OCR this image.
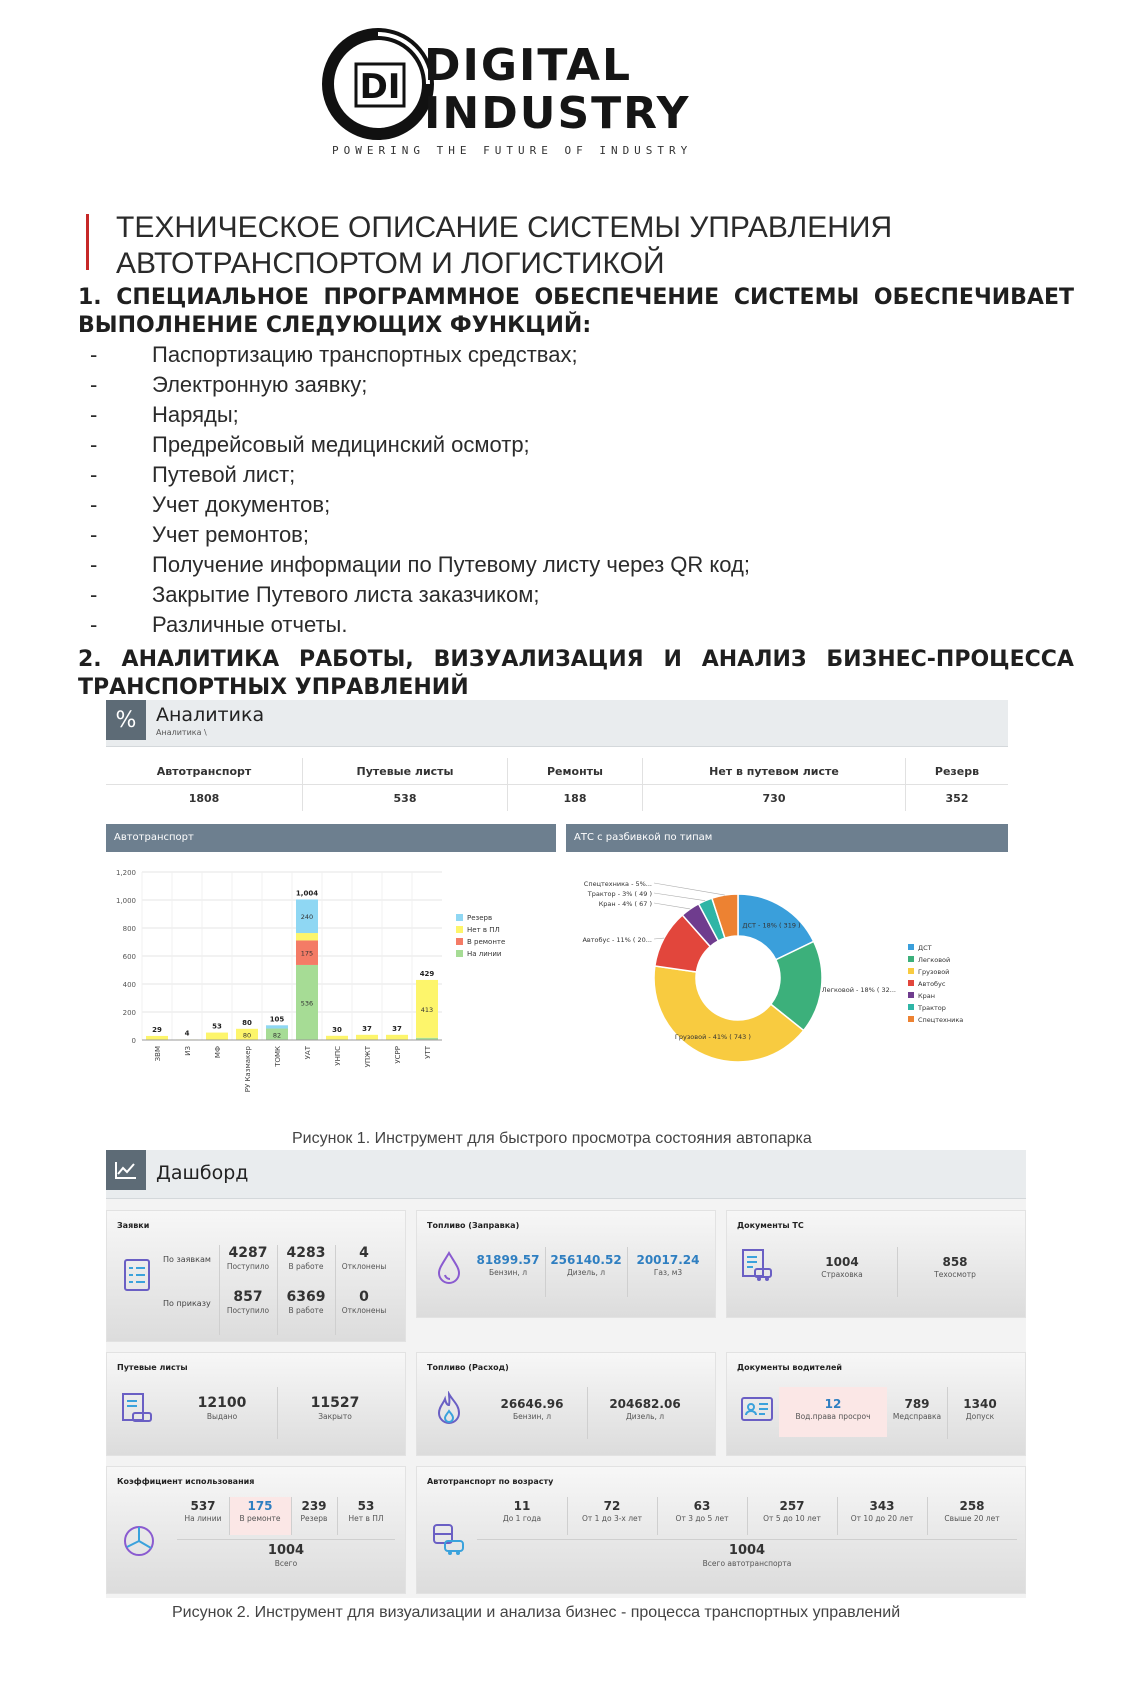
DI DIGITAL
INDUSTRY
POWERING THE FUTURE OF INDUSTRY
ТЕХНИЧЕСКОЕ ОПИСАНИЕ СИСТЕМЫ УПРАВЛЕНИЯ
АВТОТРАНСПОРТОМ И ЛОГИСТИКОЙ
1. СПЕЦИАЛЬНОЕ ПРОГРАММНОЕ ОБЕСПЕЧЕНИЕ СИСТЕМЫ ОБЕСПЕЧИВАЕТ
ВЫПОЛНЕНИЕ СЛЕДУЮЩИХ ФУНКЦИЙ:
-	Паспортизацию транспортных средствах;
-	Электронную заявку;
-	Наряды;
-	Предрейсовый медицинский осмотр;
-	Путевой лист;
-	Учет документов;
-	Учет ремонтов;
-	Получение информации по Путевому листу через QR код;
-	Закрытие Путевого листа заказчиком;
-	Различные отчеты.
2. АНАЛИТИКА РАБОТЫ, ВИЗУАЛИЗАЦИЯ И АНАЛИЗ БИЗНЕС-ПРОЦЕССА
ТРАНСПОРТНЫХ УПРАВЛЕНИЙ
%	Аналитика
Аналитика \
Автотранспорт	Путевые листы	Ремонты	Нет в путевом листе	Резерв
1808	538	188	730	352
Автотранспорт	АТС с разбивкой по типам
0
200
400
600
800
1,000
1,200
29
ЗВМ
4
ИЗ
53
МФ
80
РУ Казмакер
105
ТОМК
1,004
УАТ
30
УНПС
37
УПЖТ
37
УСРР
429
УТТ
80	82
240
175
536
413
Резерв
Нет в ПЛ
В ремонте
На линии
ДСТ - 18% ( 319 )
ДСТ
Легковой - 18% ( 32...
Легковой
Грузовой - 41% ( 743 )
Грузовой
Автобус - 11% ( 20...
Автобус
Кран - 4% ( 67 )
Кран
Трактор - 3% ( 49 )
Трактор
Спецтехника - 5%...
Спецтехника
Рисунок 1. Инструмент для быстрого просмотра состояния автопарка
Дашборд
Заявки
По заявкам
По приказу
4287
Поступило
4283
В работе
4
Отклонены
857
Поступило
6369
В работе
0
Отклонены
Топливо (Заправка)
81899.57
Бензин, л
256140.52
Дизель, л
20017.24
Газ, м3
Документы ТС
1004
Страховка
858
Техосмотр
Путевые листы
12100
Выдано
11527
Закрыто
Топливо (Расход)
26646.96
Бензин, л
204682.06
Дизель, л
Документы водителей
12
Вод.права просроч
789
Медсправка
1340
Допуск
Коэффициент использования
537
На линии
175
В ремонте
239
Резерв
53
Нет в ПЛ
1004
Всего
Автотранспорт по возрасту
11
До 1 года
72
От 1 до 3-х лет
63
От 3 до 5 лет
257
От 5 до 10 лет
343
От 10 до 20 лет
258
Свыше 20 лет
1004
Всего автотранспорта
Рисунок 2. Инструмент для визуализации и анализа бизнес - процесса транспортных управлений
